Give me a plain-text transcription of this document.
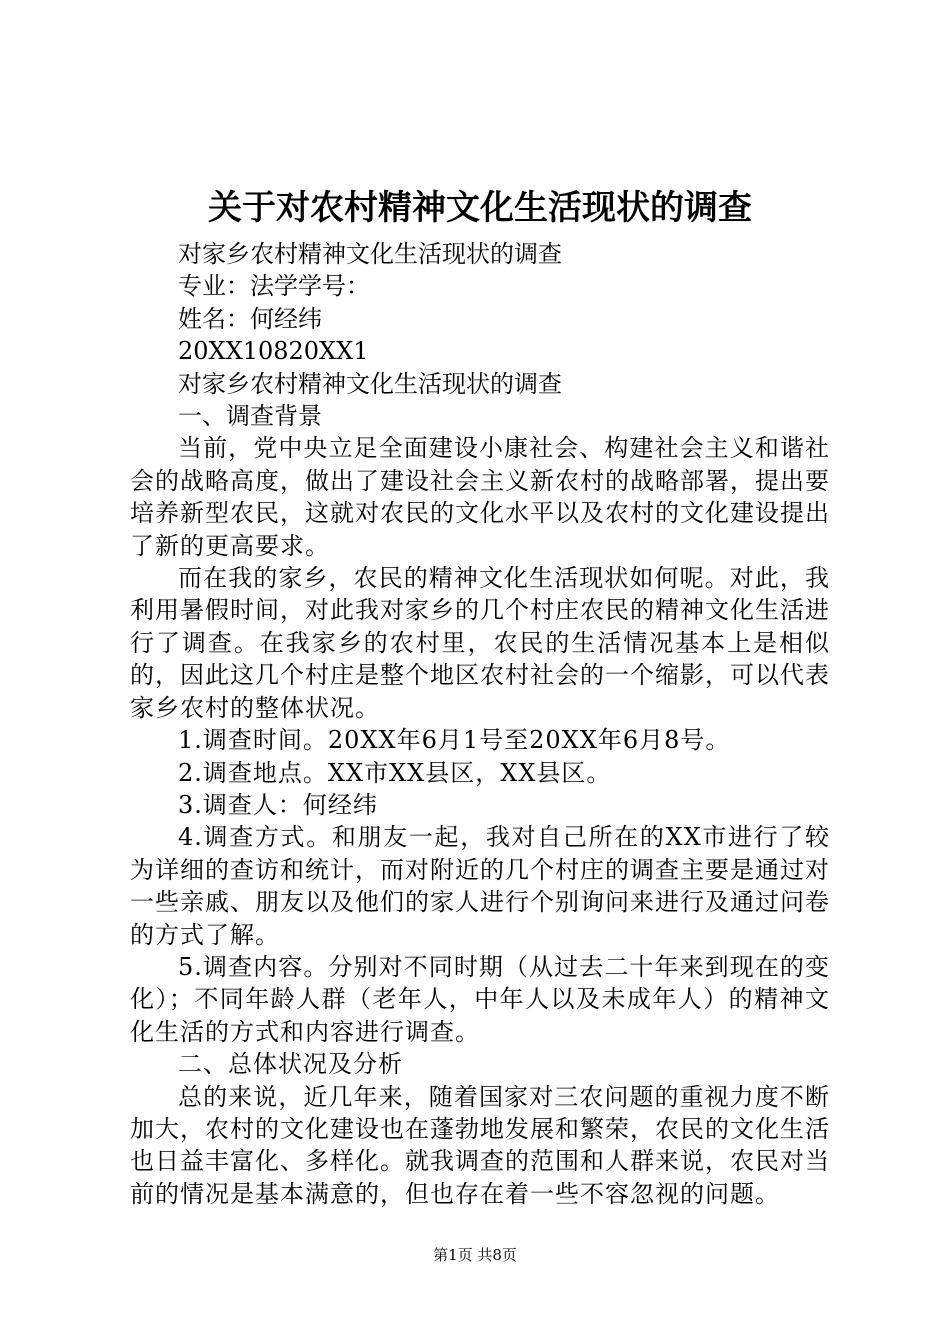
关于对农村精神文化生活现状的调查
对家乡农村精神文化生活现状的调查
专业：法学学号：
姓名：何经纬
20XX10820XX1
对家乡农村精神文化生活现状的调查
一、调查背景

当前，党中央立足全面建设小康社会、构建社会主义和谐社会的战略高度，做出了建设社会主义新农村的战略部署，提出要培养新型农民，这就对农民的文化水平以及农村的文化建设提出了新的更高要求。

而在我的家乡，农民的精神文化生活现状如何呢。对此，我利用暑假时间，对此我对家乡的几个村庄农民的精神文化生活进行了调查。在我家乡的农村里，农民的生活情况基本上是相似的，因此这几个村庄是整个地区农村社会的一个缩影，可以代表家乡农村的整体状况。

1.调查时间。20XX年6月1号至20XX年6月8号。

2.调查地点。XX市XX县区，XX县区。

3.调查人：何经纬

4.调查方式。和朋友一起，我对自己所在的XX市进行了较为详细的查访和统计，而对附近的几个村庄的调查主要是通过对一些亲戚、朋友以及他们的家人进行个别询问来进行及通过问卷的方式了解。

5.调查内容。分别对不同时期（从过去二十年来到现在的变化）；不同年龄人群（老年人，中年人以及未成年人）的精神文化生活的方式和内容进行调查。

二、总体状况及分析

总的来说，近几年来，随着国家对三农问题的重视力度不断加大，农村的文化建设也在蓬勃地发展和繁荣，农民的文化生活也日益丰富化、多样化。就我调查的范围和人群来说，农民对当前的情况是基本满意的，但也存在着一些不容忽视的问题。

第1页 共8页
